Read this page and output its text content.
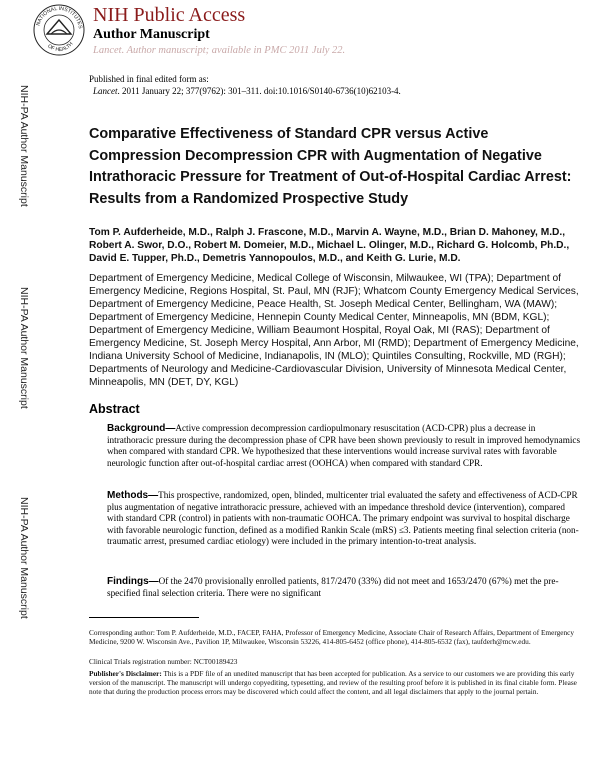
NIH-PA Author Manuscript
NIH-PA Author Manuscript
NIH-PA Author Manuscript
NATIONAL INSTITUTES
OF HEALTH
NIH Public Access
Author Manuscript
Lancet. Author manuscript; available in PMC 2011 July 22.
Published in final edited form as:
Lancet. 2011 January 22; 377(9762): 301–311. doi:10.1016/S0140-6736(10)62103-4.
Comparative Effectiveness of Standard CPR versus Active Compression Decompression CPR with Augmentation of Negative Intrathoracic Pressure for Treatment of Out-of-Hospital Cardiac Arrest: Results from a Randomized Prospective Study
Tom P. Aufderheide, M.D., Ralph J. Frascone, M.D., Marvin A. Wayne, M.D., Brian D. Mahoney, M.D., Robert A. Swor, D.O., Robert M. Domeier, M.D., Michael L. Olinger, M.D., Richard G. Holcomb, Ph.D., David E. Tupper, Ph.D., Demetris Yannopoulos, M.D., and Keith G. Lurie, M.D.
Department of Emergency Medicine, Medical College of Wisconsin, Milwaukee, WI (TPA); Department of Emergency Medicine, Regions Hospital, St. Paul, MN (RJF); Whatcom County Emergency Medical Services, Department of Emergency Medicine, Peace Health, St. Joseph Medical Center, Bellingham, WA (MAW); Department of Emergency Medicine, Hennepin County Medical Center, Minneapolis, MN (BDM, KGL); Department of Emergency Medicine, William Beaumont Hospital, Royal Oak, MI (RAS); Department of Emergency Medicine, St. Joseph Mercy Hospital, Ann Arbor, MI (RMD); Department of Emergency Medicine, Indiana University School of Medicine, Indianapolis, IN (MLO); Quintiles Consulting, Rockville, MD (RGH); Departments of Neurology and Medicine-Cardiovascular Division, University of Minnesota Medical Center, Minneapolis, MN (DET, DY, KGL)
Abstract

Background—Active compression decompression cardiopulmonary resuscitation (ACD-CPR) plus a decrease in intrathoracic pressure during the decompression phase of CPR have been shown previously to result in improved hemodynamics when compared with standard CPR. We hypothesized that these interventions would increase survival rates with favorable neurologic function after out-of-hospital cardiac arrest (OOHCA) when compared with standard CPR.

Methods—This prospective, randomized, open, blinded, multicenter trial evaluated the safety and effectiveness of ACD-CPR plus augmentation of negative intrathoracic pressure, achieved with an impedance threshold device (intervention), compared with standard CPR (control) in patients with non-traumatic OOHCA. The primary endpoint was survival to hospital discharge with favorable neurologic function, defined as a modified Rankin Scale (mRS) ≤3. Patients meeting final selection criteria (non-traumatic arrest, presumed cardiac etiology) were included in the primary intention-to-treat analysis.

Findings—Of the 2470 provisionally enrolled patients, 817/2470 (33%) did not meet and 1653/2470 (67%) met the pre-specified final selection criteria. There were no significant

Corresponding author: Tom P. Aufderheide, M.D., FACEP, FAHA, Professor of Emergency Medicine, Associate Chair of Research Affairs, Department of Emergency Medicine, 9200 W. Wisconsin Ave., Pavilion 1P, Milwaukee, Wisconsin 53226, 414-805-6452 (office phone), 414-805-6532 (fax), taufderh@mcw.edu.
Clinical Trials registration number: NCT00189423
Publisher's Disclaimer: This is a PDF file of an unedited manuscript that has been accepted for publication. As a service to our customers we are providing this early version of the manuscript. The manuscript will undergo copyediting, typesetting, and review of the resulting proof before it is published in its final citable form. Please note that during the production process errors may be discovered which could affect the content, and all legal disclaimers that apply to the journal pertain.
